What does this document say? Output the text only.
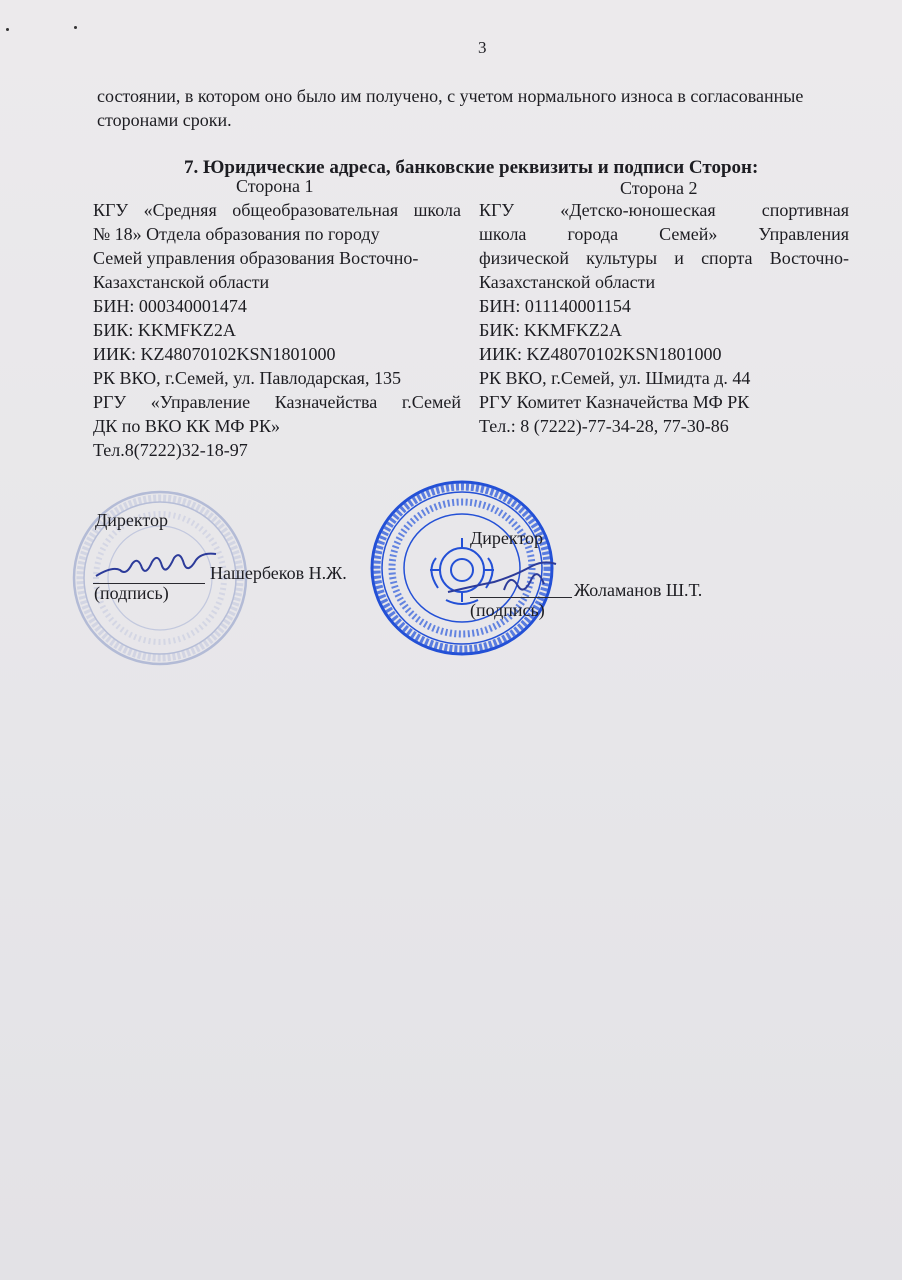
3
состоянии, в котором оно было им получено, с учетом нормального износа в согласованные
сторонами сроки.
7. Юридические адреса, банковские реквизиты и подписи Сторон:
Сторона 1	Сторона 2
КГУ «Средняя общеобразовательная школа
№ 18» Отдела образования по городу
Семей управления образования Восточно-
Казахстанской области
БИН: 000340001474
БИК: KKMFKZ2A
ИИК: KZ48070102KSN1801000
РК ВКО, г.Семей, ул. Павлодарская, 135
РГУ «Управление Казначейства г.Семей
ДК по ВКО КК МФ РК»
Тел.8(7222)32-18-97
КГУ «Детско-юношеская спортивная
школа города Семей» Управления
физической культуры и спорта Восточно-
Казахстанской области
БИН: 011140001154
БИК: KKMFKZ2A
ИИК: KZ48070102KSN1801000
РК ВКО, г.Семей, ул. Шмидта д. 44
РГУ Комитет Казначейства МФ РК
Тел.: 8 (7222)-77-34-28, 77-30-86
Директор
Нашербеков Н.Ж.
(подпись)
Директор
Жоламанов Ш.Т.
(подпись)
